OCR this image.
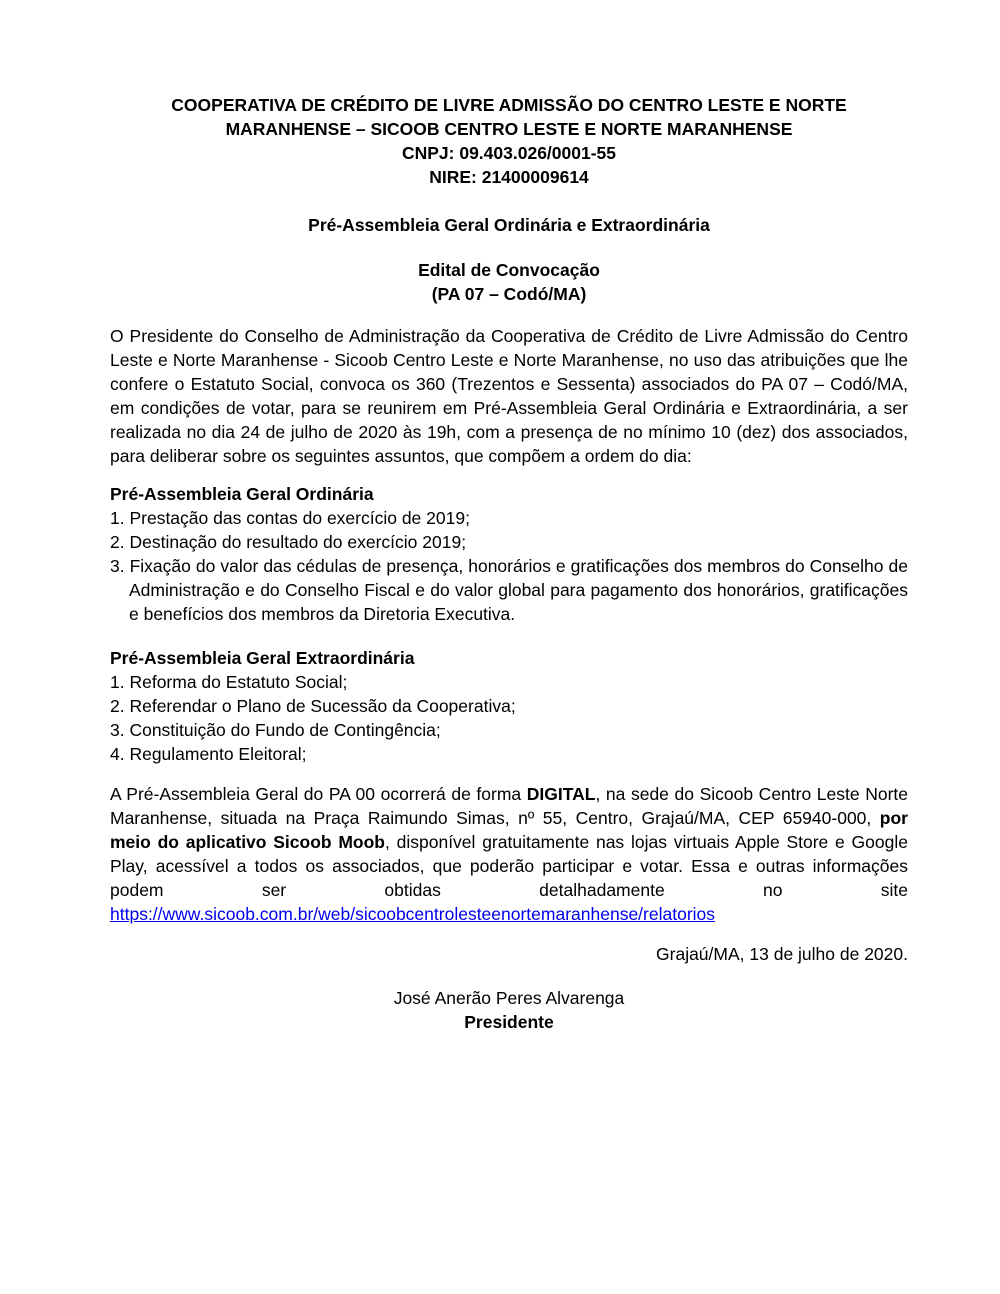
COOPERATIVA DE CRÉDITO DE LIVRE ADMISSÃO DO CENTRO LESTE E NORTE MARANHENSE – SICOOB CENTRO LESTE E NORTE MARANHENSE
CNPJ: 09.403.026/0001-55
NIRE: 21400009614
Pré-Assembleia Geral Ordinária e Extraordinária
Edital de Convocação
(PA 07 – Codó/MA)

O Presidente do Conselho de Administração da Cooperativa de Crédito de Livre Admissão do Centro Leste e Norte Maranhense - Sicoob Centro Leste e Norte Maranhense, no uso das atribuições que lhe confere o Estatuto Social, convoca os 360 (Trezentos e Sessenta) associados do PA 07 – Codó/MA, em condições de votar, para se reunirem em Pré-Assembleia Geral Ordinária e Extraordinária, a ser realizada no dia 24 de julho de 2020 às 19h, com a presença de no mínimo 10 (dez) dos associados, para deliberar sobre os seguintes assuntos, que compõem a ordem do dia:

Pré-Assembleia Geral Ordinária
1. Prestação das contas do exercício de 2019;
2. Destinação do resultado do exercício 2019;
3. Fixação do valor das cédulas de presença, honorários e gratificações dos membros do Conselho de Administração e do Conselho Fiscal e do valor global para pagamento dos honorários, gratificações e benefícios dos membros da Diretoria Executiva.
Pré-Assembleia Geral Extraordinária
1. Reforma do Estatuto Social;
2. Referendar o Plano de Sucessão da Cooperativa;
3. Constituição do Fundo de Contingência;
4. Regulamento Eleitoral;

A Pré-Assembleia Geral do PA 00 ocorrerá de forma DIGITAL, na sede do Sicoob Centro Leste Norte Maranhense, situada na Praça Raimundo Simas, nº 55, Centro, Grajaú/MA, CEP 65940-000, por meio do aplicativo Sicoob Moob, disponível gratuitamente nas lojas virtuais Apple Store e Google Play, acessível a todos os associados, que poderão participar e votar. Essa e outras informações podem ser obtidas detalhadamente no site https://www.sicoob.com.br/web/sicoobcentrolesteenortemaranhense/relatorios

Grajaú/MA, 13 de julho de 2020.
José Anerão Peres Alvarenga
Presidente
